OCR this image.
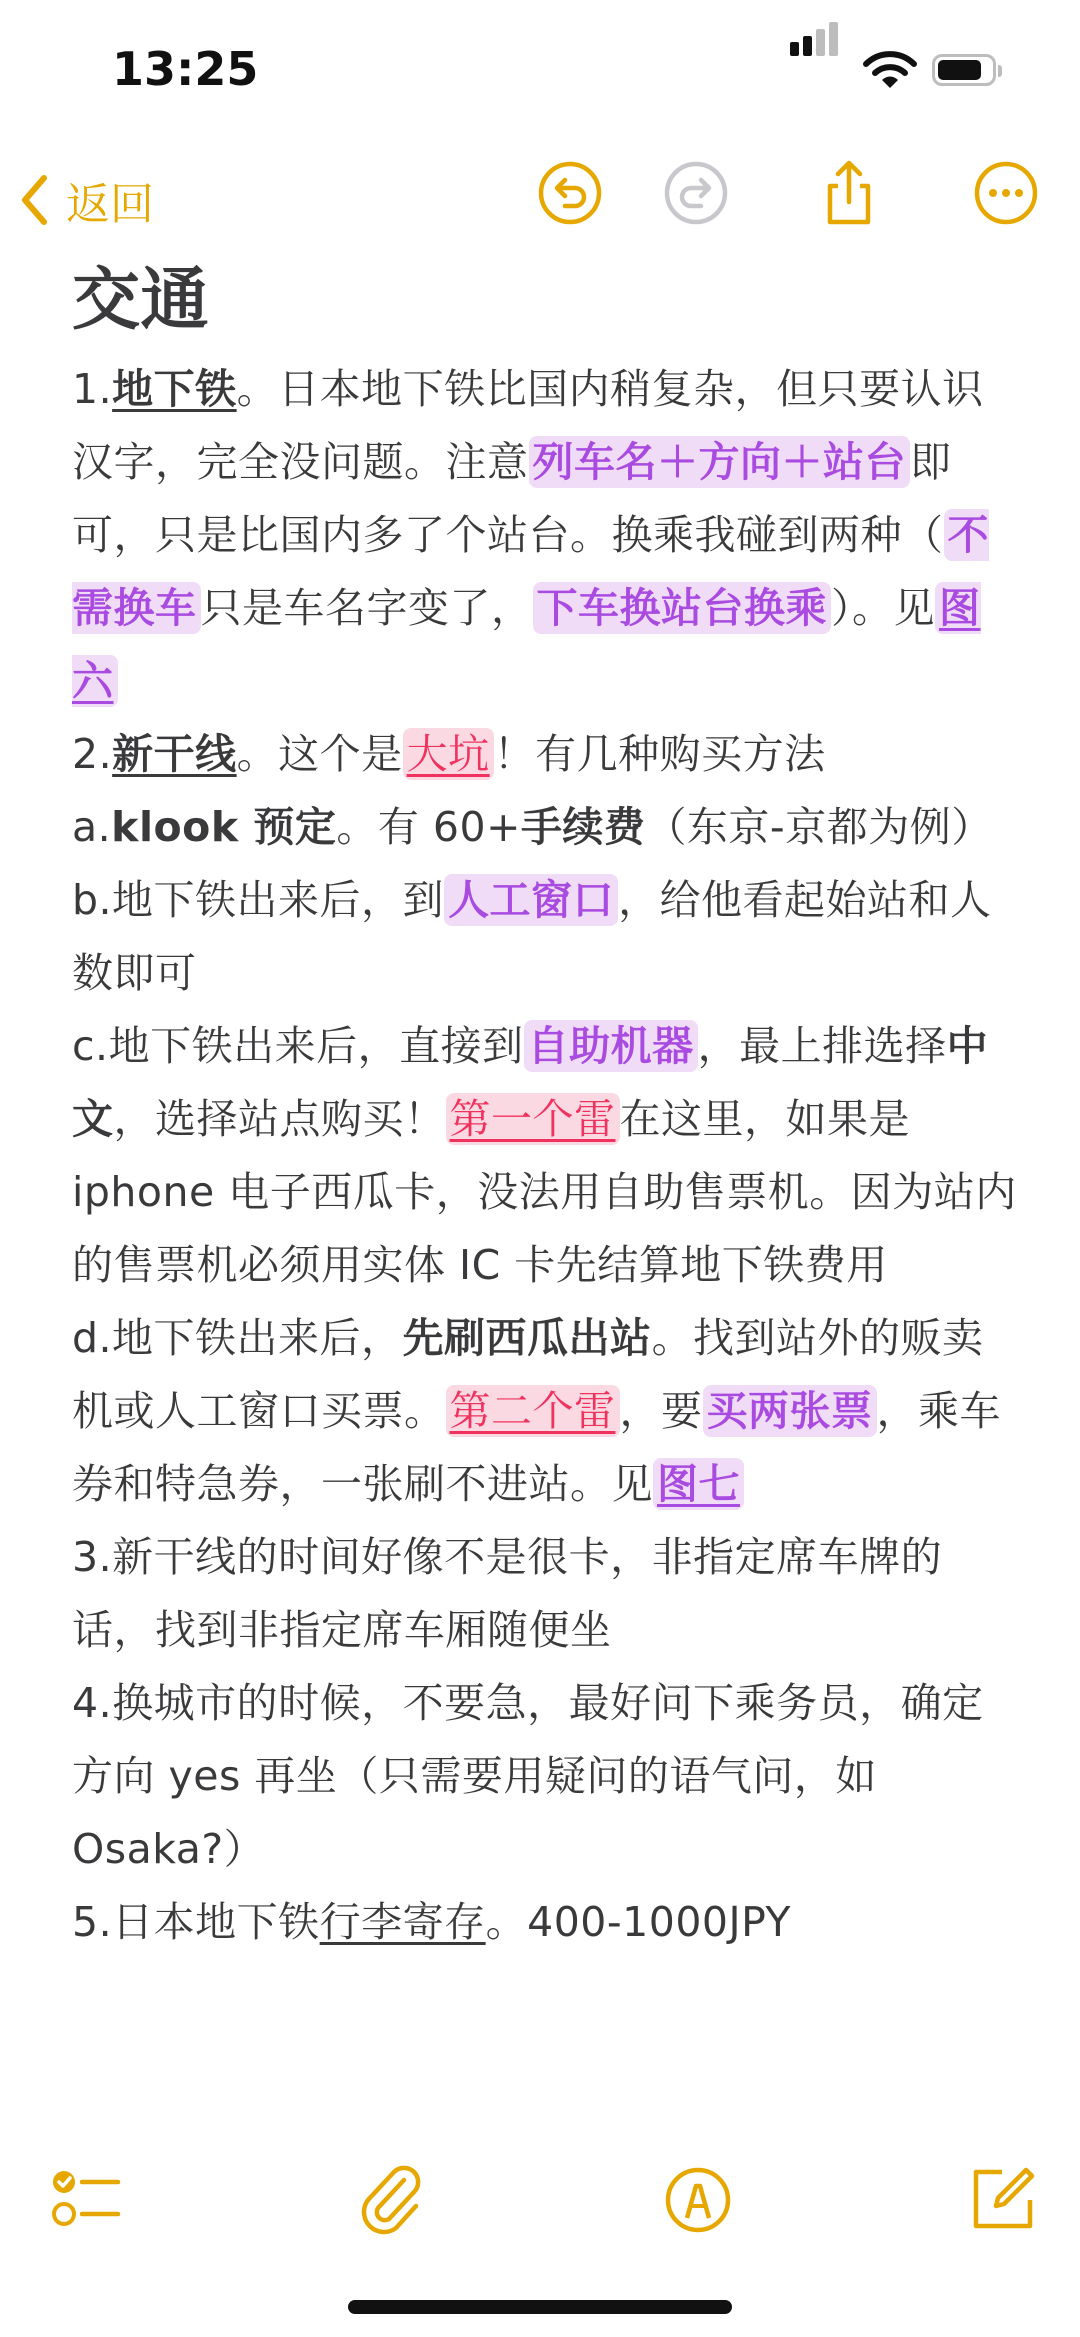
13:25
返回
交通

1.地下铁。日本地下铁比国内稍复杂，但只要认识汉字，完全没问题。注意列车名＋方向＋站台即可，只是比国内多了个站台。换乘我碰到两种（不需换车只是车名字变了，下车换站台换乘）。见图六

2.新干线。这个是大坑！有几种购买方法

a.klook 预定。有 60+手续费（东京-京都为例）

b.地下铁出来后，到人工窗口，给他看起始站和人数即可

c.地下铁出来后，直接到自助机器，最上排选择中文，选择站点购买！第一个雷在这里，如果是 iphone 电子西瓜卡，没法用自助售票机。因为站内的售票机必须用实体 IC 卡先结算地下铁费用

d.地下铁出来后，先刷西瓜出站。找到站外的贩卖机或人工窗口买票。第二个雷，要买两张票，乘车券和特急券，一张刷不进站。见图七

3.新干线的时间好像不是很卡，非指定席车牌的话，找到非指定席车厢随便坐

4.换城市的时候，不要急，最好问下乘务员，确定方向 yes 再坐（只需要用疑问的语气问，如 Osaka?）

5.日本地下铁行李寄存。400-1000JPY
